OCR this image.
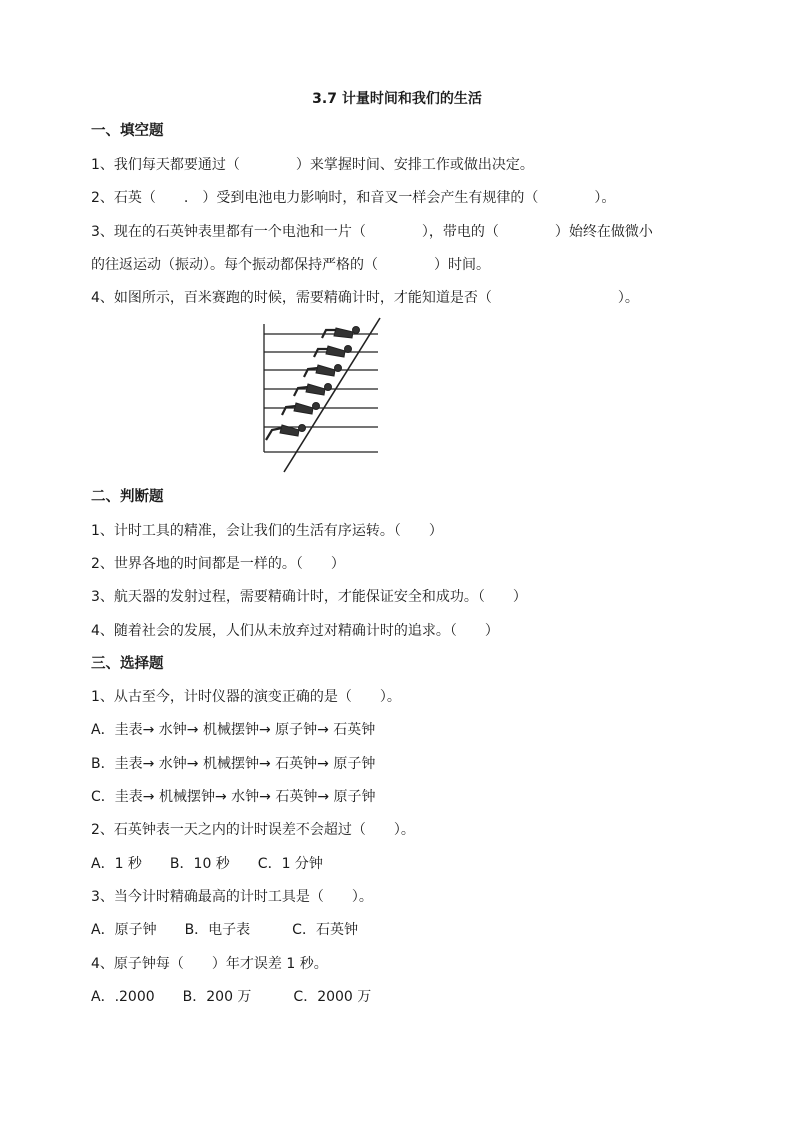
3.7 计量时间和我们的生活
一、填空题
1、我们每天都要通过（　　　　）来掌握时间、安排工作或做出决定。
2、石英（　　.　）受到电池电力影响时，和音叉一样会产生有规律的（　　　　）。
3、现在的石英钟表里都有一个电池和一片（　　　　），带电的（　　　　）始终在做微小
的往返运动（振动）。每个振动都保持严格的（　　　　）时间。
4、如图所示，百米赛跑的时候，需要精确计时，才能知道是否（　　　　　　　　　）。
二、判断题
1、计时工具的精准，会让我们的生活有序运转。（　　）
2、世界各地的时间都是一样的。（　　）
3、航天器的发射过程，需要精确计时，才能保证安全和成功。（　　）
4、随着社会的发展，人们从未放弃过对精确计时的追求。（　　）
三、选择题
1、从古至今，计时仪器的演变正确的是（　　）。
A．圭表→ 水钟→ 机械摆钟→ 原子钟→ 石英钟
B．圭表→ 水钟→ 机械摆钟→ 石英钟→ 原子钟
C．圭表→ 机械摆钟→ 水钟→ 石英钟→ 原子钟
2、石英钟表一天之内的计时误差不会超过（　　）。
A．1 秒　　B．10 秒　　C．1 分钟
3、当今计时精确最高的计时工具是（　　）。
A．原子钟　　B．电子表　　　C．石英钟
4、原子钟每（　　）年才误差 1 秒。
A．.2000　　B．200 万　　　C．2000 万
